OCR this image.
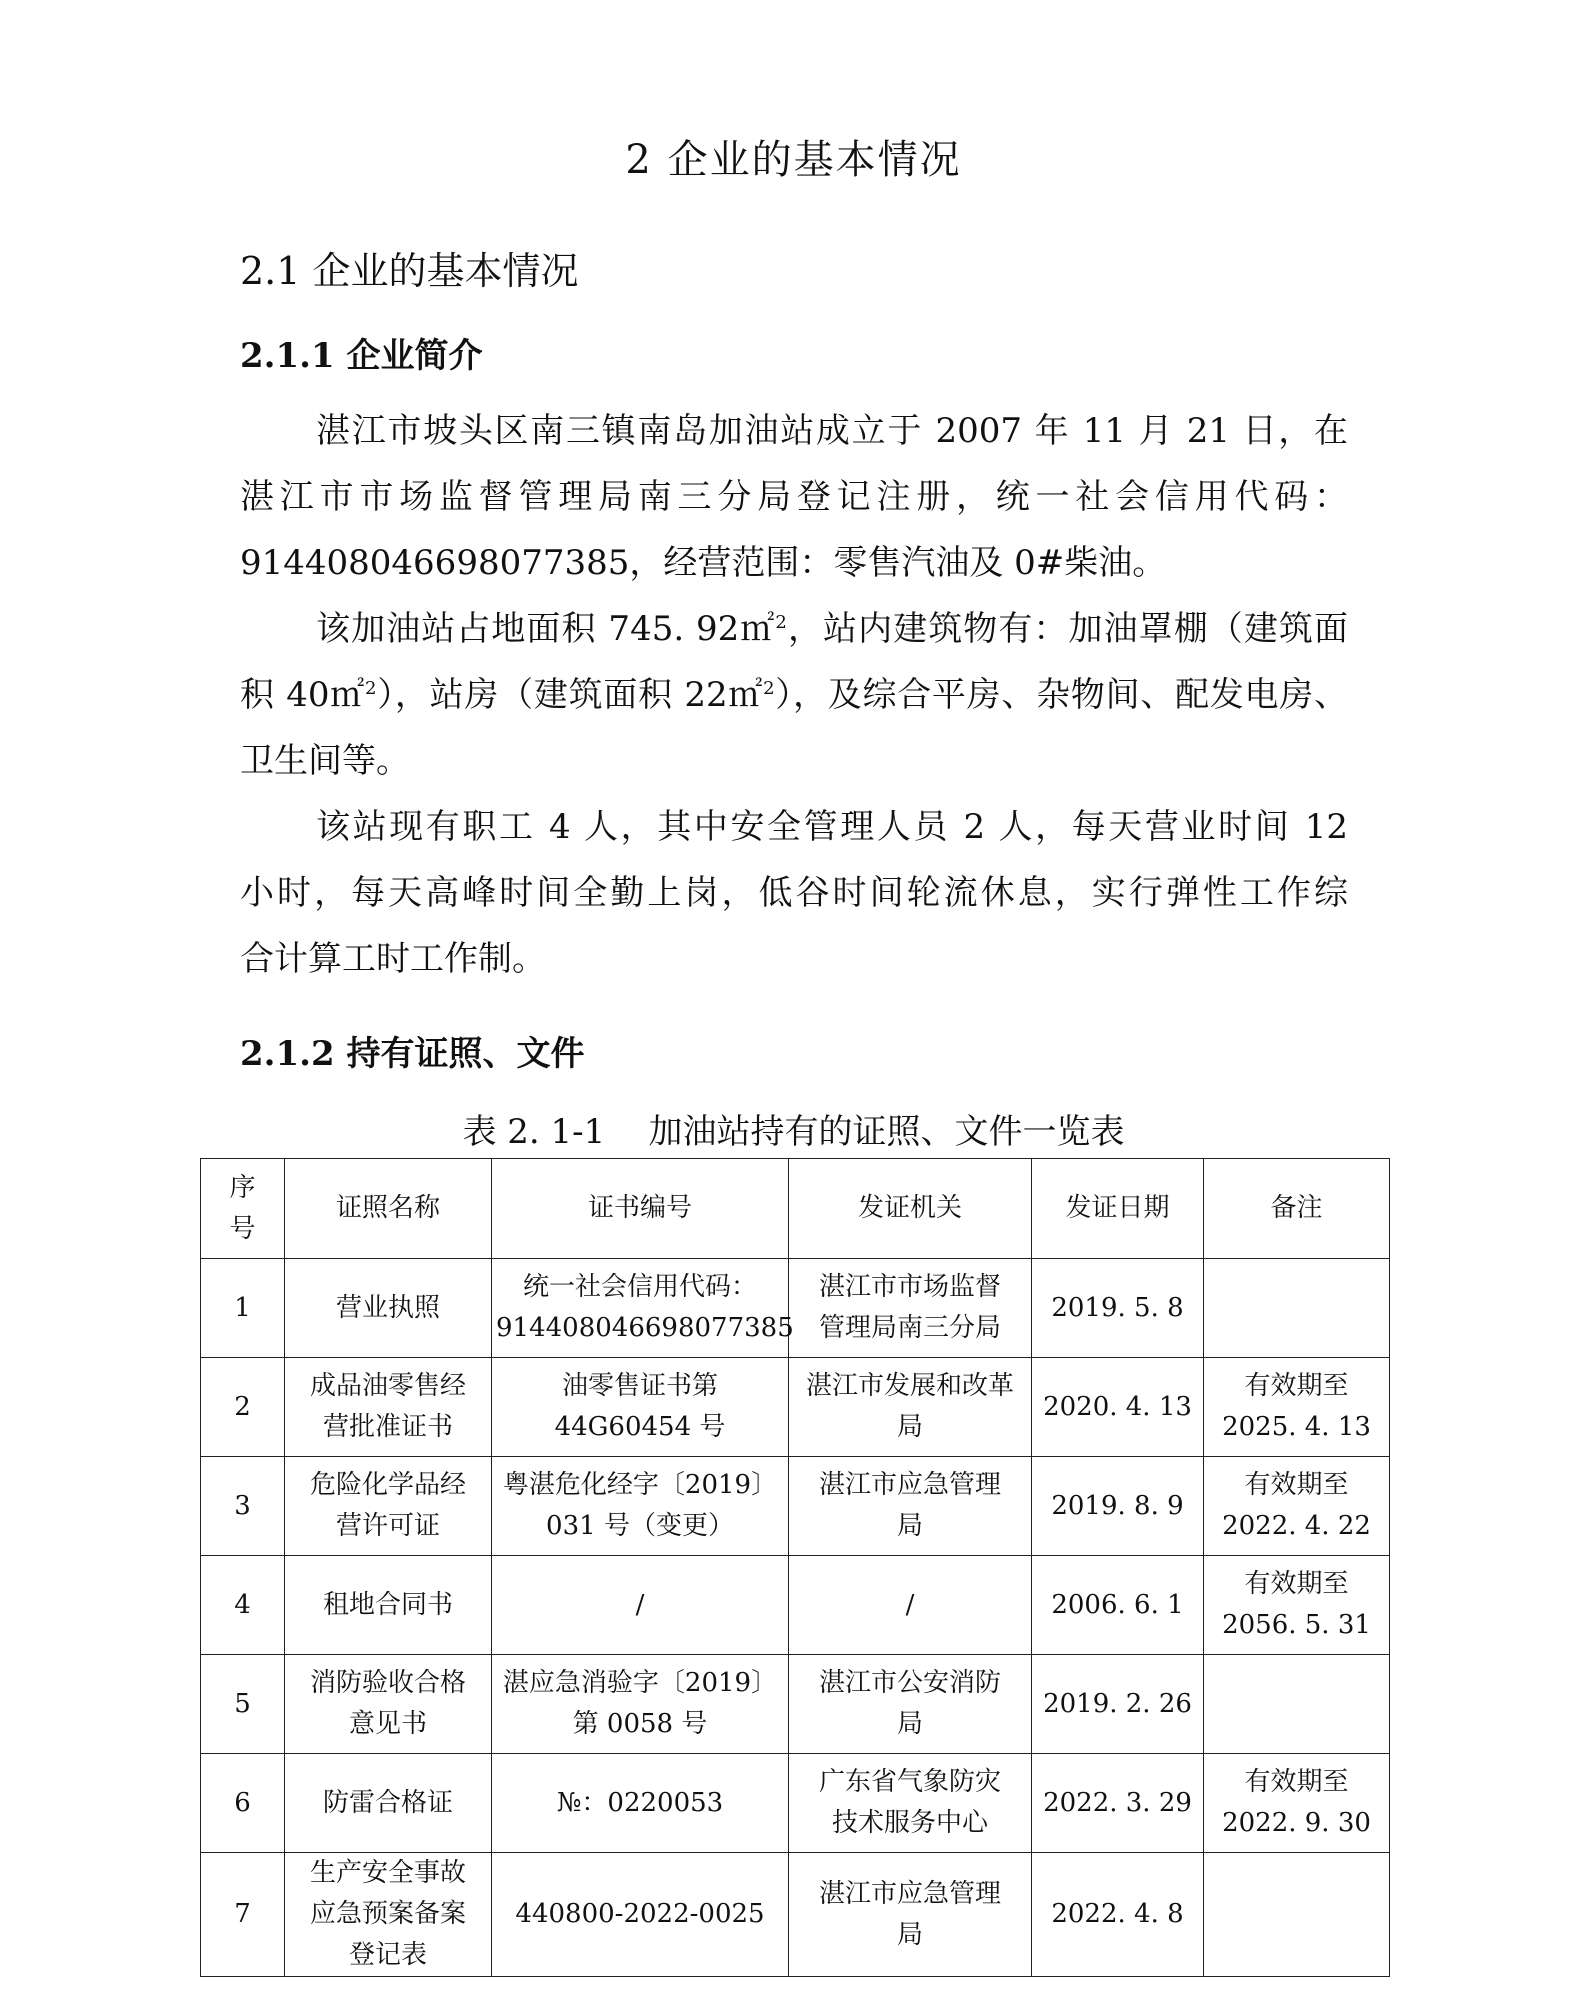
2 企业的基本情况
2.1 企业的基本情况
2.1.1 企业简介
湛江市坡头区南三镇南岛加油站成立于 2007 年 11 月 21 日，在
湛江市市场监督管理局南三分局登记注册，统一社会信用代码：
914408046698077385，经营范围：零售汽油及 0#柴油。
该加油站占地面积 745. 92㎡$^2$，站内建筑物有：加油罩棚（建筑面
积 40㎡$^2$），站房（建筑面积 22㎡$^2$），及综合平房、杂物间、配发电房、
卫生间等。
该站现有职工 4 人，其中安全管理人员 2 人，每天营业时间 12
小时，每天高峰时间全勤上岗，低谷时间轮流休息，实行弹性工作综
合计算工时工作制。
2.1.2 持有证照、文件
表 2. 1-1    加油站持有的证照、文件一览表
序
号	证照名称	证书编号	发证机关	发证日期	备注
1	营业执照	统一社会信用代码：
914408046698077385	湛江市市场监督
管理局南三分局	2019. 5. 8	
2	成品油零售经
营批准证书	油零售证书第
44G60454 号	湛江市发展和改革
局	2020. 4. 13	有效期至
2025. 4. 13
3	危险化学品经
营许可证	粤湛危化经字〔2019〕
031 号（变更）	湛江市应急管理
局	2019. 8. 9	有效期至
2022. 4. 22
4	租地合同书	/	/	2006. 6. 1	有效期至
2056. 5. 31
5	消防验收合格
意见书	湛应急消验字〔2019〕
第 0058 号	湛江市公安消防
局	2019. 2. 26	
6	防雷合格证	№：0220053	广东省气象防灾
技术服务中心	2022. 3. 29	有效期至
2022. 9. 30
7	生产安全事故
应急预案备案
登记表	440800-2022-0025	湛江市应急管理
局	2022. 4. 8	
